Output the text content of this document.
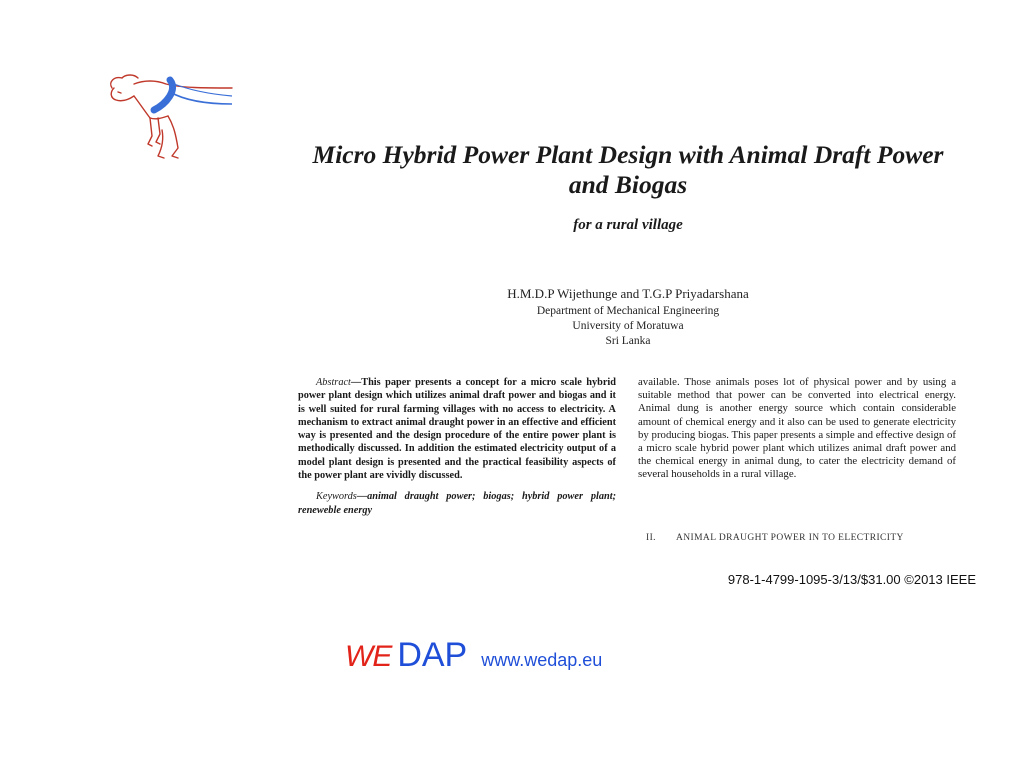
Micro Hybrid Power Plant Design with Animal Draft Power and Biogas
for a rural village
H.M.D.P Wijethunge and T.G.P Priyadarshana
Department of Mechanical Engineering
University of Moratuwa
Sri Lanka

Abstract—This paper presents a concept for a micro scale hybrid power plant design which utilizes animal draft power and biogas and it is well suited for rural farming villages with no access to electricity. A mechanism to extract animal draught power in an effective and efficient way is presented and the design procedure of the entire power plant is methodically discussed. In addition the estimated electricity output of a model plant design is presented and the practical feasibility aspects of the power plant are vividly discussed.

Keywords—animal draught power; biogas; hybrid power plant; reneweble energy

available. Those animals poses lot of physical power and by using a suitable method that power can be converted into electrical energy. Animal dung is another energy source which contain considerable amount of chemical energy and it also can be used to generate electricity by producing biogas. This paper presents a simple and effective design of a micro scale hybrid power plant which utilizes animal draft power and the chemical energy in animal dung, to cater the electricity demand of several households in a rural village.

II. ANIMAL DRAUGHT POWER IN TO ELECTRICITY
978-1-4799-1095-3/13/$31.00 ©2013 IEEE
WE DAP www.wedap.eu
